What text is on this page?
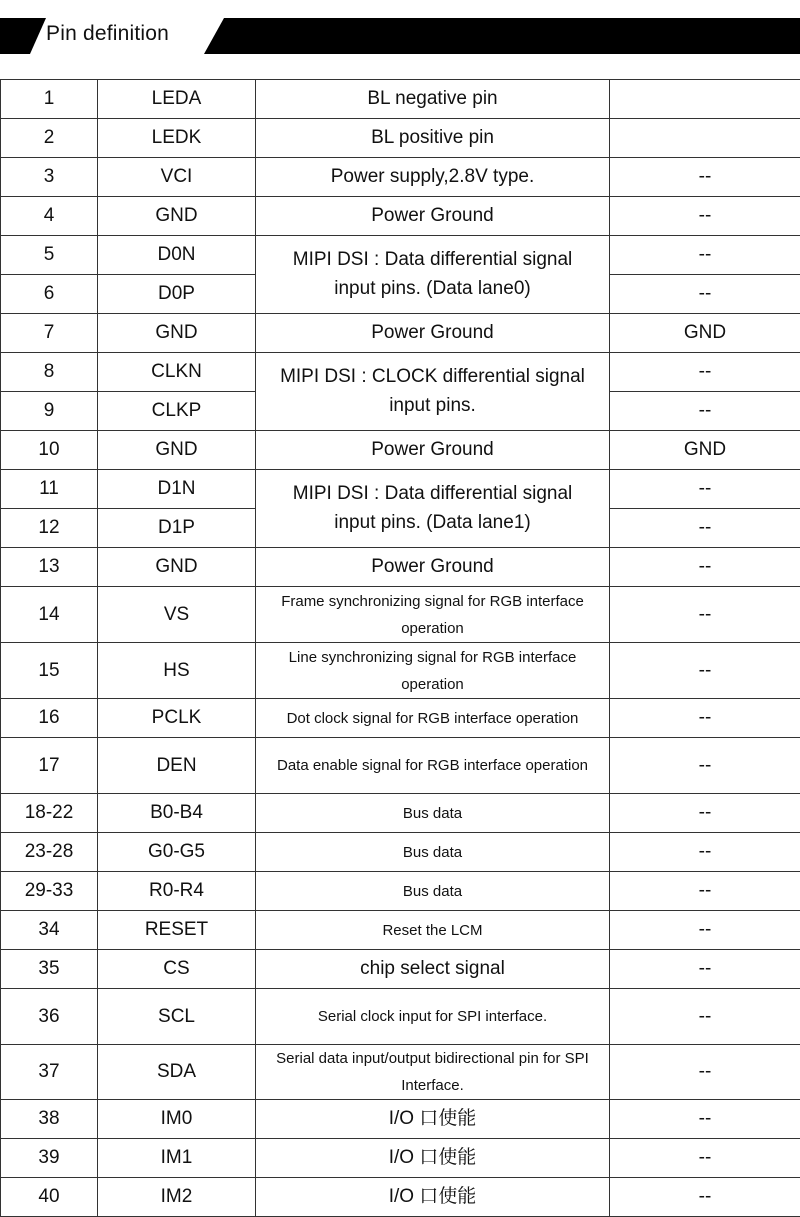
Pin definition
1	LEDA	BL negative pin	
2	LEDK	BL positive pin	
3	VCI	Power supply,2.8V type.	--
4	GND	Power Ground	--
5	D0N	MIPI DSI : Data differential signal input pins. (Data lane0)	--
6	D0P		--
7	GND	Power Ground	GND
8	CLKN	MIPI DSI : CLOCK differential signal input pins.	--
9	CLKP		--
10	GND	Power Ground	GND
11	D1N	MIPI DSI : Data differential signal input pins. (Data lane1)	--
12	D1P		--
13	GND	Power Ground	--
14	VS	Frame synchronizing signal for RGB interface operation	--
15	HS	Line synchronizing signal for RGB interface operation	--
16	PCLK	Dot clock signal for RGB interface operation	--
17	DEN	Data enable signal for RGB interface operation	--
18-22	B0-B4	Bus data	--
23-28	G0-G5	Bus data	--
29-33	R0-R4	Bus data	--
34	RESET	Reset the LCM	--
35	CS	chip select signal	--
36	SCL	Serial clock input for SPI interface.	--
37	SDA	Serial data input/output bidirectional pin for SPI Interface.	--
38	IM0	I/O 口使能	--
39	IM1	I/O 口使能	--
40	IM2	I/O 口使能	--
